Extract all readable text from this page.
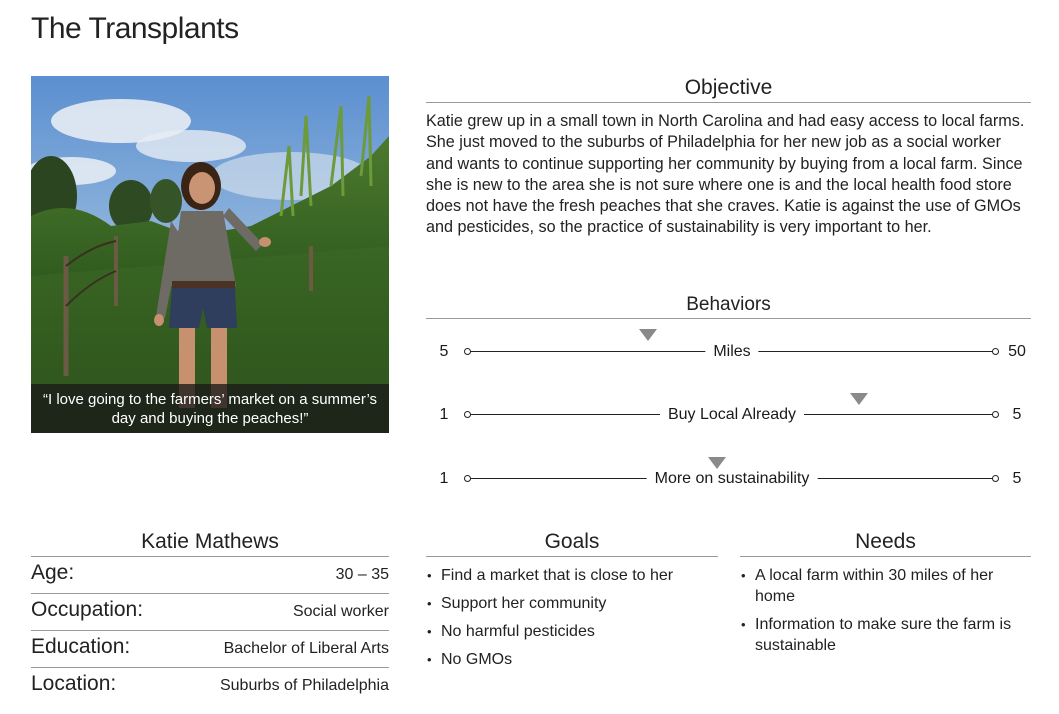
The Transplants
“I love going to the farmers’ market on a summer’s day and buying the peaches!”
Objective
Katie grew up in a small town in North Carolina and had easy access to local farms. She just moved to the suburbs of Philadelphia for her new job as a social worker and wants to continue supporting her community by buying from a local farm. Since she is new to the area she is not sure where one is and the local health food store does not have the fresh peaches that she craves. Katie is against the use of GMOs and pesticides, so the practice of sustainability is very important to her.
Behaviors
5	Miles	50
1	Buy Local Already	5
1	More on sustainability	5
Katie Mathews
Age:	30 – 35
Occupation:	Social worker
Education:	Bachelor of Liberal Arts
Location:	Suburbs of Philadelphia
Goals
• Find a market that is close to her
• Support her community
• No harmful pesticides
• No GMOs
Needs
• A local farm within 30 miles of her home
• Information to make sure the farm is sustainable
